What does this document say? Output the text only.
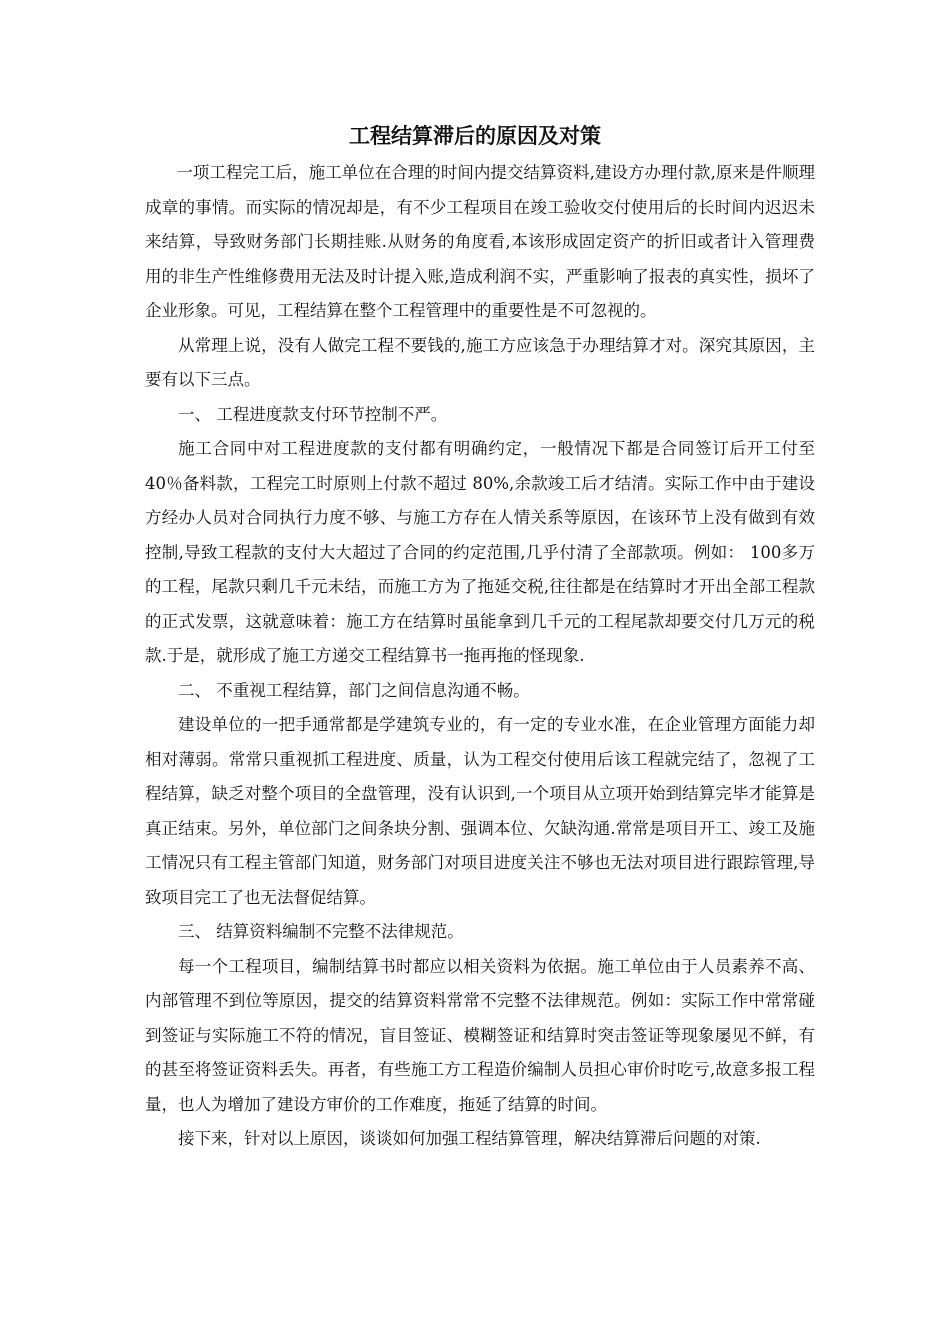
工程结算滞后的原因及对策

一项工程完工后，施工单位在合理的时间内提交结算资料,建设方办理付款,原来是件顺理成章的事情。而实际的情况却是，有不少工程项目在竣工验收交付使用后的长时间内迟迟未来结算，导致财务部门长期挂账.从财务的角度看,本该形成固定资产的折旧或者计入管理费用的非生产性维修费用无法及时计提入账,造成利润不实，严重影响了报表的真实性，损坏了企业形象。可见，工程结算在整个工程管理中的重要性是不可忽视的。

从常理上说，没有人做完工程不要钱的,施工方应该急于办理结算才对。深究其原因，主要有以下三点。

一、 工程进度款支付环节控制不严。

施工合同中对工程进度款的支付都有明确约定，一般情况下都是合同签订后开工付至40％备料款，工程完工时原则上付款不超过 80%,余款竣工后才结清。实际工作中由于建设方经办人员对合同执行力度不够、与施工方存在人情关系等原因，在该环节上没有做到有效控制,导致工程款的支付大大超过了合同的约定范围,几乎付清了全部款项。例如： 100多万的工程，尾款只剩几千元未结，而施工方为了拖延交税,往往都是在结算时才开出全部工程款的正式发票，这就意味着：施工方在结算时虽能拿到几千元的工程尾款却要交付几万元的税款.于是，就形成了施工方递交工程结算书一拖再拖的怪现象.

二、 不重视工程结算，部门之间信息沟通不畅。

建设单位的一把手通常都是学建筑专业的，有一定的专业水准，在企业管理方面能力却相对薄弱。常常只重视抓工程进度、质量，认为工程交付使用后该工程就完结了，忽视了工程结算，缺乏对整个项目的全盘管理，没有认识到,一个项目从立项开始到结算完毕才能算是真正结束。另外，单位部门之间条块分割、强调本位、欠缺沟通.常常是项目开工、竣工及施工情况只有工程主管部门知道，财务部门对项目进度关注不够也无法对项目进行跟踪管理,导致项目完工了也无法督促结算。

三、 结算资料编制不完整不法律规范。

每一个工程项目，编制结算书时都应以相关资料为依据。施工单位由于人员素养不高、内部管理不到位等原因，提交的结算资料常常不完整不法律规范。例如：实际工作中常常碰到签证与实际施工不符的情况，盲目签证、模糊签证和结算时突击签证等现象屡见不鲜，有的甚至将签证资料丢失。再者，有些施工方工程造价编制人员担心审价时吃亏,故意多报工程量，也人为增加了建设方审价的工作难度，拖延了结算的时间。

接下来，针对以上原因，谈谈如何加强工程结算管理，解决结算滞后问题的对策.
